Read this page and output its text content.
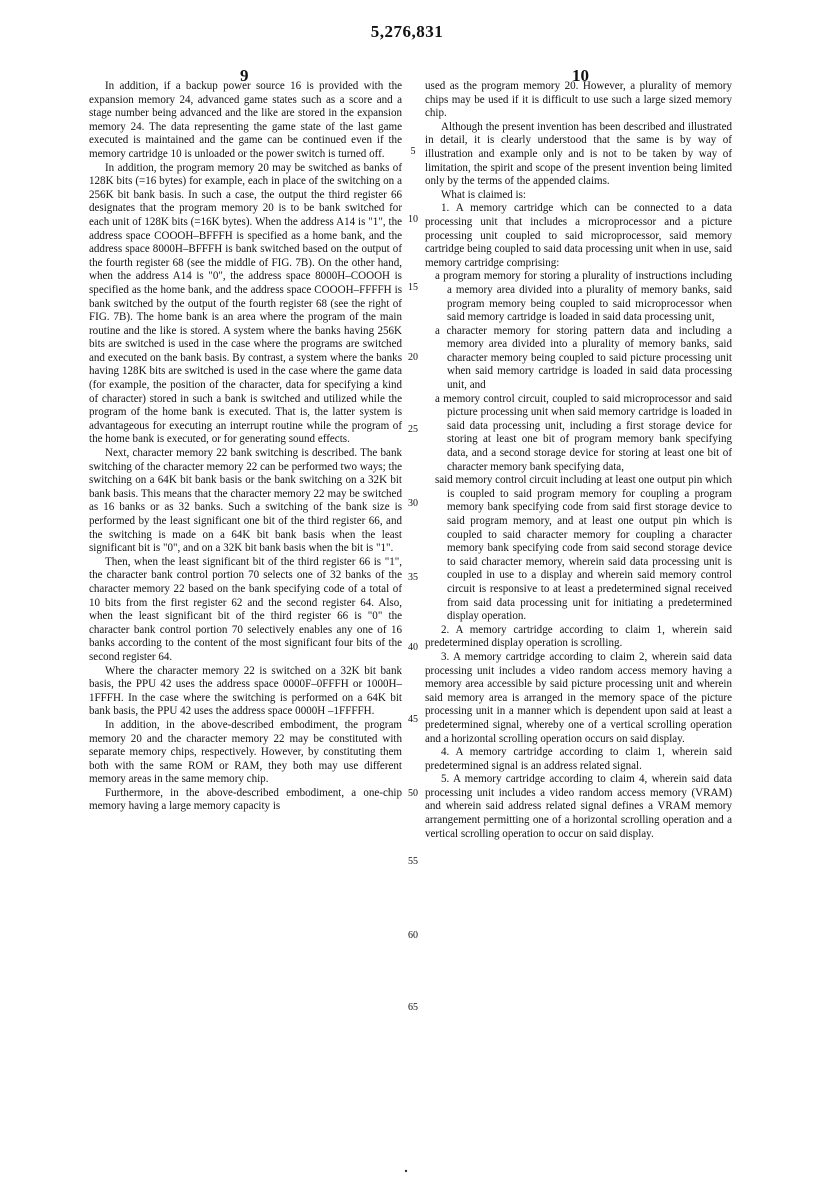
5,276,831
9	10

In addition, if a backup power source 16 is provided with the expansion memory 24, advanced game states such as a score and a stage number being advanced and the like are stored in the expansion memory 24. The data representing the game state of the last game executed is maintained and the game can be continued even if the memory cartridge 10 is unloaded or the power switch is turned off.

In addition, the program memory 20 may be switched as banks of 128K bits (=16 bytes) for example, each in place of the switching on a 256K bit bank basis. In such a case, the output the third register 66 designates that the program memory 20 is to be bank switched for each unit of 128K bits (=16K bytes). When the address A14 is "1", the address space COOOH–BFFFH is specified as a home bank, and the address space 8000H–BFFFH is bank switched based on the output of the fourth register 68 (see the middle of FIG. 7B). On the other hand, when the address A14 is "0", the address space 8000H–COOOH is specified as the home bank, and the address space COOOH–FFFFH is bank switched by the output of the fourth register 68 (see the right of FIG. 7B). The home bank is an area where the program of the main routine and the like is stored. A system where the banks having 256K bits are switched is used in the case where the programs are switched and executed on the bank basis. By contrast, a system where the banks having 128K bits are switched is used in the case where the game data (for example, the position of the character, data for specifying a kind of character) stored in such a bank is switched and utilized while the program of the home bank is executed. That is, the latter system is advantageous for executing an interrupt routine while the program of the home bank is executed, or for generating sound effects.

Next, character memory 22 bank switching is described. The bank switching of the character memory 22 can be performed two ways; the switching on a 64K bit bank basis or the bank switching on a 32K bit bank basis. This means that the character memory 22 may be switched as 16 banks or as 32 banks. Such a switching of the bank size is performed by the least significant one bit of the third register 66, and the switching is made on a 64K bit bank basis when the least significant bit is "0", and on a 32K bit bank basis when the bit is "1".

Then, when the least significant bit of the third register 66 is "1", the character bank control portion 70 selects one of 32 banks of the character memory 22 based on the bank specifying code of a total of 10 bits from the first register 62 and the second register 64. Also, when the least significant bit of the third register 66 is "0" the character bank control portion 70 selectively enables any one of 16 banks according to the content of the most significant four bits of the second register 64.

Where the character memory 22 is switched on a 32K bit bank basis, the PPU 42 uses the address space 0000F–0FFFH or 1000H–1FFFH. In the case where the switching is performed on a 64K bit bank basis, the PPU 42 uses the address space 0000H –1FFFFH.

In addition, in the above-described embodiment, the program memory 20 and the character memory 22 may be constituted with separate memory chips, respectively. However, by constituting them both with the same ROM or RAM, they both may use different memory areas in the same memory chip.

Furthermore, in the above-described embodiment, a one-chip memory having a large memory capacity is

5
10
15
20
25
30
35
40
45
50
55
60
65

used as the program memory 20. However, a plurality of memory chips may be used if it is difficult to use such a large sized memory chip.

Although the present invention has been described and illustrated in detail, it is clearly understood that the same is by way of illustration and example only and is not to be taken by way of limitation, the spirit and scope of the present invention being limited only by the terms of the appended claims.

What is claimed is:

1. A memory cartridge which can be connected to a data processing unit that includes a microprocessor and a picture processing unit coupled to said microprocessor, said memory cartridge being coupled to said data processing unit when in use, said memory cartridge comprising:

a program memory for storing a plurality of instructions including a memory area divided into a plurality of memory banks, said program memory being coupled to said microprocessor when said memory cartridge is loaded in said data processing unit,

a character memory for storing pattern data and including a memory area divided into a plurality of memory banks, said character memory being coupled to said picture processing unit when said memory cartridge is loaded in said data processing unit, and

a memory control circuit, coupled to said microprocessor and said picture processing unit when said memory cartridge is loaded in said data processing unit, including a first storage device for storing at least one bit of program memory bank specifying data, and a second storage device for storing at least one bit of character memory bank specifying data,

said memory control circuit including at least one output pin which is coupled to said program memory for coupling a program memory bank specifying code from said first storage device to said program memory, and at least one output pin which is coupled to said character memory for coupling a character memory bank specifying code from said second storage device to said character memory, wherein said data processing unit is coupled in use to a display and wherein said memory control circuit is responsive to at least a predetermined signal received from said data processing unit for initiating a predetermined display operation.

2. A memory cartridge according to claim 1, wherein said predetermined display operation is scrolling.

3. A memory cartridge according to claim 2, wherein said data processing unit includes a video random access memory having a memory area accessible by said picture processing unit and wherein said memory area is arranged in the memory space of the picture processing unit in a manner which is dependent upon said at least a predetermined signal, whereby one of a vertical scrolling operation and a horizontal scrolling operation occurs on said display.

4. A memory cartridge according to claim 1, wherein said predetermined signal is an address related signal.

5. A memory cartridge according to claim 4, wherein said data processing unit includes a video random access memory (VRAM) and wherein said address related signal defines a VRAM memory arrangement permitting one of a horizontal scrolling operation and a vertical scrolling operation to occur on said display.
